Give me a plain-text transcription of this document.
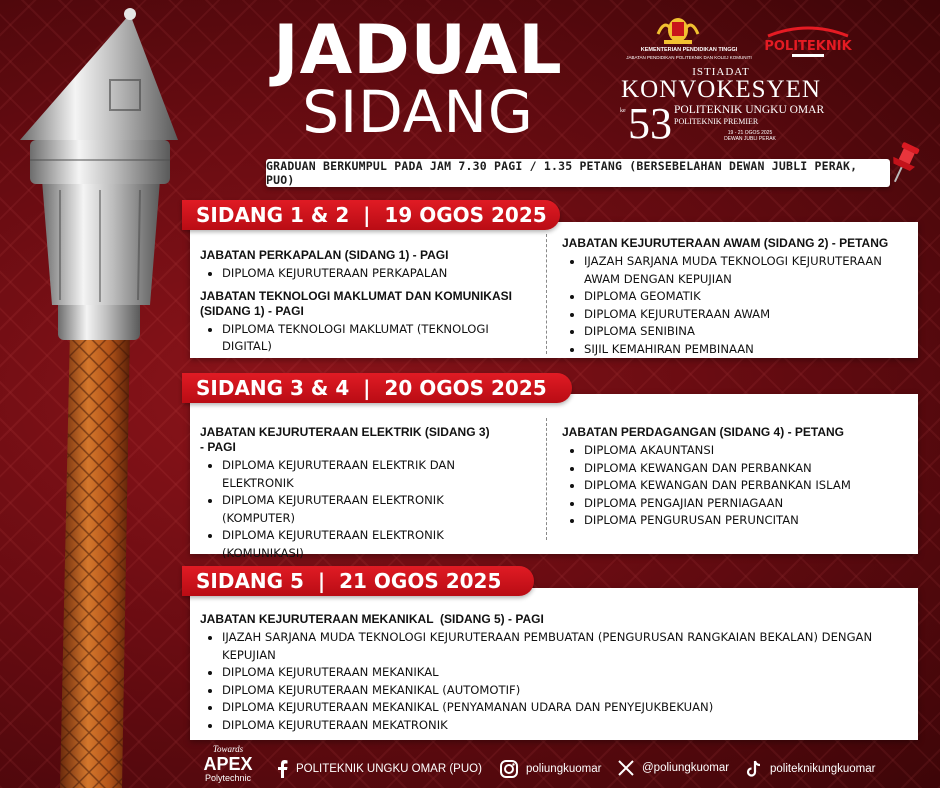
JADUAL
SIDANG
KEMENTERIAN PENDIDIKAN TINGGI
JABATAN PENDIDIKAN POLITEKNIK DAN KOLEJ KOMUNITI
POLITEKNIK
ISTIADAT
KONVOKESYEN
ke 53 POLITEKNIK UNGKU OMAR
POLITEKNIK PREMIER
19 - 21 OGOS 2025
DEWAN JUBLI PERAK
GRADUAN BERKUMPUL PADA JAM 7.30 PAGI / 1.35 PETANG (BERSEBELAHAN DEWAN JUBLI PERAK, PUO)
SIDANG 1 & 2  |  19 OGOS 2025
JABATAN PERKAPALAN (SIDANG 1) - PAGI
• DIPLOMA KEJURUTERAAN PERKAPALAN
JABATAN TEKNOLOGI MAKLUMAT DAN KOMUNIKASI (SIDANG 1) - PAGI
• DIPLOMA TEKNOLOGI MAKLUMAT (TEKNOLOGI DIGITAL)
JABATAN KEJURUTERAAN AWAM (SIDANG 2) - PETANG
• IJAZAH SARJANA MUDA TEKNOLOGI KEJURUTERAAN AWAM DENGAN KEPUJIAN
• DIPLOMA GEOMATIK
• DIPLOMA KEJURUTERAAN AWAM
• DIPLOMA SENIBINA
• SIJIL KEMAHIRAN PEMBINAAN
SIDANG 3 & 4  |  20 OGOS 2025
JABATAN KEJURUTERAAN ELEKTRIK (SIDANG 3) - PAGI
• DIPLOMA KEJURUTERAAN ELEKTRIK DAN ELEKTRONIK
• DIPLOMA KEJURUTERAAN ELEKTRONIK (KOMPUTER)
• DIPLOMA KEJURUTERAAN ELEKTRONIK (KOMUNIKASI)
JABATAN PERDAGANGAN (SIDANG 4) - PETANG
• DIPLOMA AKAUNTANSI
• DIPLOMA KEWANGAN DAN PERBANKAN
• DIPLOMA KEWANGAN DAN PERBANKAN ISLAM
• DIPLOMA PENGAJIAN PERNIAGAAN
• DIPLOMA PENGURUSAN PERUNCITAN
SIDANG 5  |  21 OGOS 2025
JABATAN KEJURUTERAAN MEKANIKAL  (SIDANG 5) - PAGI
• IJAZAH SARJANA MUDA TEKNOLOGI KEJURUTERAAN PEMBUATAN (PENGURUSAN RANGKAIAN BEKALAN) DENGAN KEPUJIAN
• DIPLOMA KEJURUTERAAN MEKANIKAL
• DIPLOMA KEJURUTERAAN MEKANIKAL (AUTOMOTIF)
• DIPLOMA KEJURUTERAAN MEKANIKAL (PENYAMANAN UDARA DAN PENYEJUKBEKUAN)
• DIPLOMA KEJURUTERAAN MEKATRONIK
Towards
APEX
Polytechnic
POLITEKNIK UNGKU OMAR (PUO)	poliungkuomar	@poliungkuomar	politeknikungkuomar
